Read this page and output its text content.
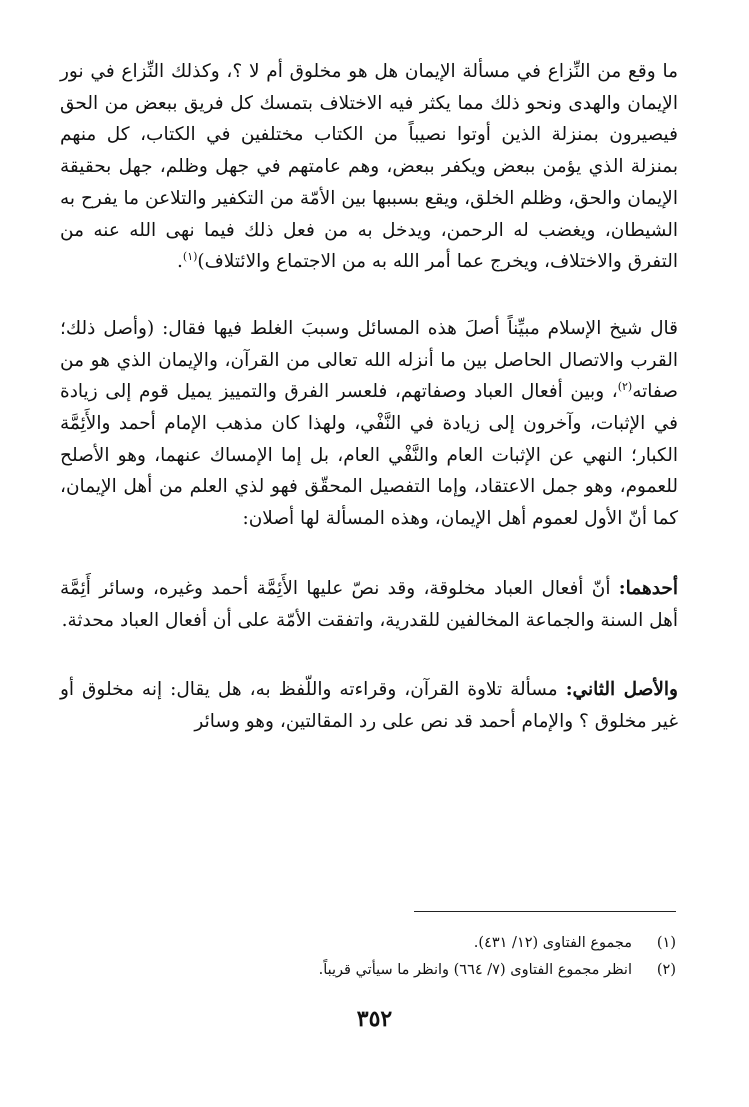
ما وقع من النِّزاع في مسألة الإيمان هل هو مخلوق أم لا ؟، وكذلك النِّزاع في نور الإيمان والهدى ونحو ذلك مما يكثر فيه الاختلاف بتمسك كل فريق ببعض من الحق فيصيرون بمنزلة الذين أوتوا نصيباً من الكتاب مختلفين في الكتاب، كل منهم بمنزلة الذي يؤمن ببعض ويكفر ببعض، وهم عامتهم في جهل وظلم، جهل بحقيقة الإيمان والحق، وظلم الخلق، ويقع بسببها بين الأمّة من التكفير والتلاعن ما يفرح به الشيطان، ويغضب له الرحمن، ويدخل به من فعل ذلك فيما نهى الله عنه من التفرق والاختلاف، ويخرج عما أمر الله به من الاجتماع والائتلاف)$^{(١)}$.

قال شيخ الإسلام مبيِّناً أصلَ هذه المسائل وسببَ الغلط فيها فقال: (وأصل ذلك؛ القرب والاتصال الحاصل بين ما أنزله الله تعالى من القرآن، والإيمان الذي هو من صفاته$^{(٢)}$، وبين أفعال العباد وصفاتهم، فلعسر الفرق والتمييز يميل قوم إلى زيادة في الإثبات، وآخرون إلى زيادة في النَّفْي، ولهذا كان مذهب الإمام أحمد والأَئِمَّة الكبار؛ النهي عن الإثبات العام والنَّفْي العام، بل إما الإمساك عنهما، وهو الأصلح للعموم، وهو جمل الاعتقاد، وإما التفصيل المحقّق فهو لذي العلم من أهل الإيمان، كما أنّ الأول لعموم أهل الإيمان، وهذه المسألة لها أصلان:

أحدهما: أنّ أفعال العباد مخلوقة، وقد نصّ عليها الأَئِمَّة أحمد وغيره، وسائر أَئِمَّة أهل السنة والجماعة المخالفين للقدرية، واتفقت الأمّة على أن أفعال العباد محدثة.

والأصل الثاني: مسألة تلاوة القرآن، وقراءته واللّفظ به، هل يقال: إنه مخلوق أو غير مخلوق ؟ والإمام أحمد قد نص على رد المقالتين، وهو وسائر

(١)
مجموع الفتاوى (١٢/ ٤٣١).
(٢)
انظر مجموع الفتاوى (٧/ ٦٦٤) وانظر ما سيأتي قريباً.
٣٥٢
